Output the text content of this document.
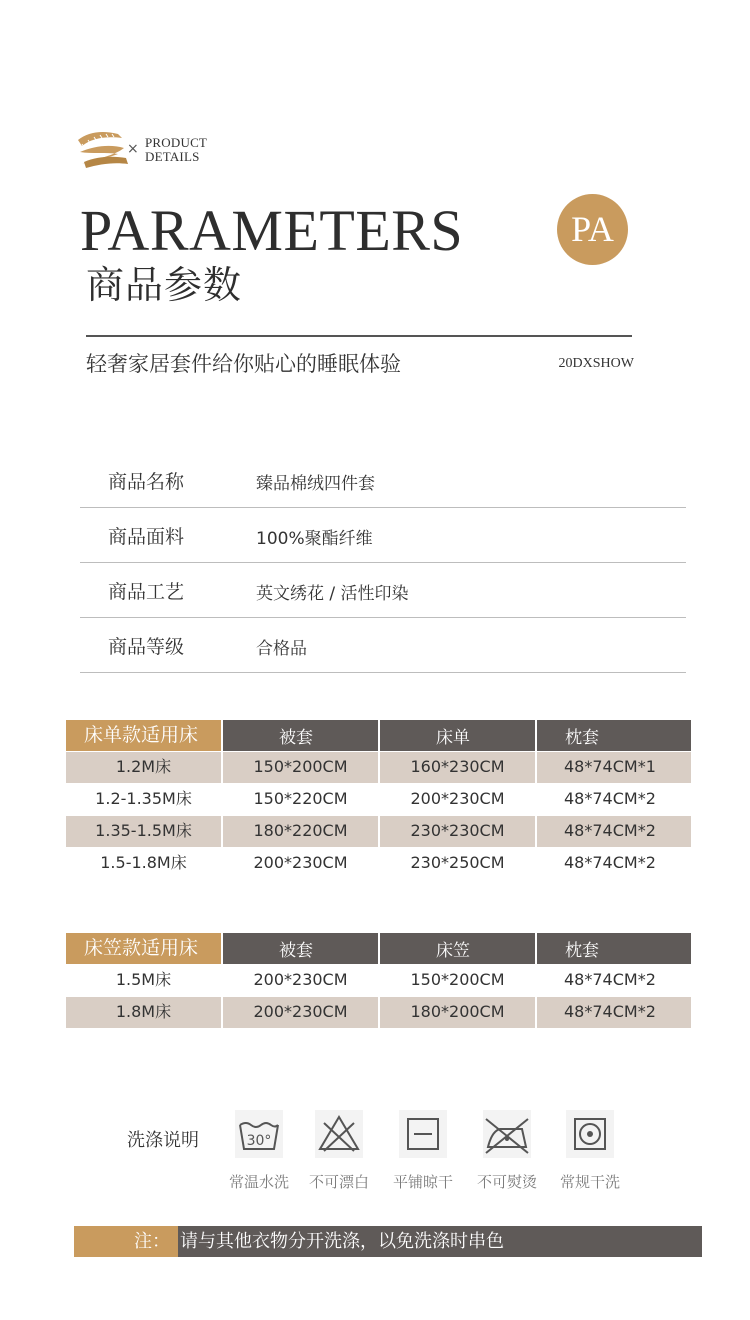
× PRODUCT
DETAILS
PARAMETERS
商品参数
PA
轻奢家居套件给你贴心的睡眠体验	20DXSHOW
商品名称	臻品棉绒四件套
商品面料	100%聚酯纤维
商品工艺	英文绣花 / 活性印染
商品等级	合格品
床单款适用床	被套	床单	枕套
1.2M床	150*200CM	160*230CM	48*74CM*1
1.2-1.35M床	150*220CM	200*230CM	48*74CM*2
1.35-1.5M床	180*220CM	230*230CM	48*74CM*2
1.5-1.8M床	200*230CM	230*250CM	48*74CM*2
床笠款适用床	被套	床笠	枕套
1.5M床	200*230CM	150*200CM	48*74CM*2
1.8M床	200*230CM	180*200CM	48*74CM*2
洗涤说明	30°
常温水洗	不可漂白	平铺晾干	不可熨烫	常规干洗
注： 请与其他衣物分开洗涤，以免洗涤时串色
